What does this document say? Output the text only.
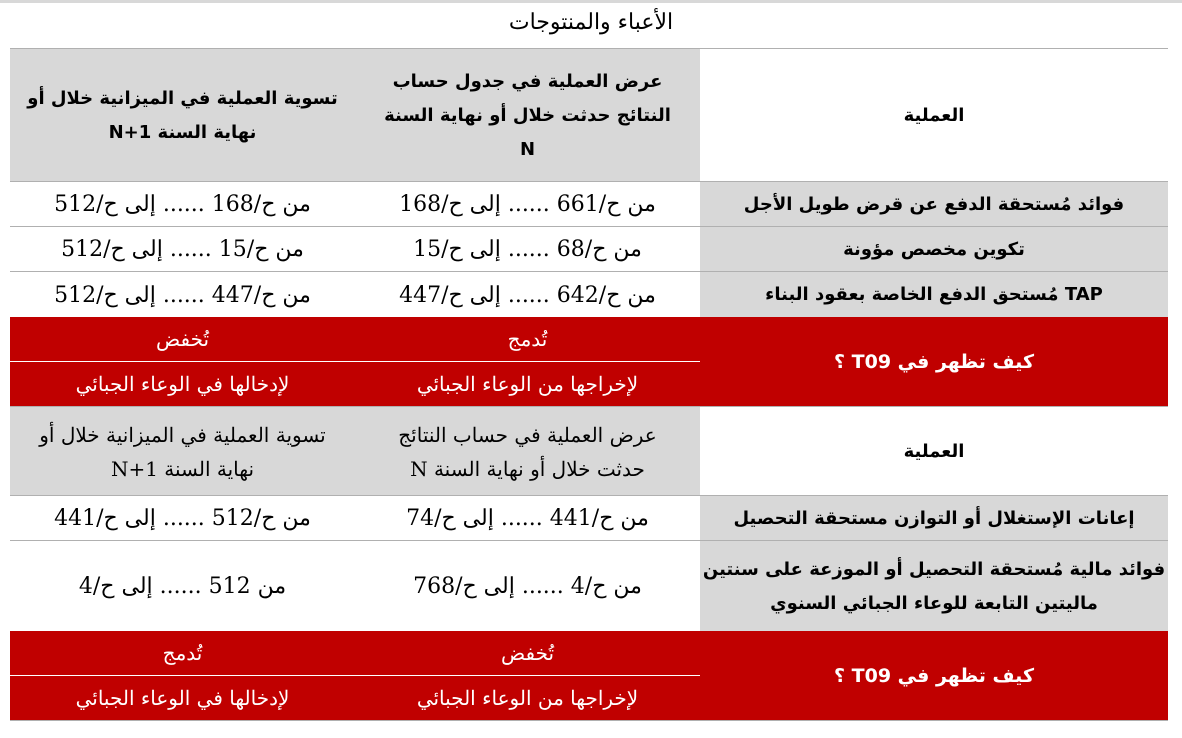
الأعباء والمنتوجات
العملية
عرض العملية في جدول حساب
النتائج حدثت خلال أو نهاية السنة
N
تسوية العملية في الميزانية خلال أو
نهاية السنة N+1
فوائد مُستحقة الدفع عن قرض طويل الأجل
من ح/661 ...... إلى ح/168
من ح/168 ...... إلى ح/512
تكوين مخصص مؤونة
من ح/68 ...... إلى ح/15
من ح/15 ...... إلى ح/512
TAP مُستحق الدفع الخاصة بعقود البناء
من ح/642 ...... إلى ح/447
من ح/447 ...... إلى ح/512
كيف تظهر في T09 ؟
تُدمج
تُخفض
لإخراجها من الوعاء الجبائي
لإدخالها في الوعاء الجبائي
العملية
عرض العملية في حساب النتائج
حدثت خلال أو نهاية السنة N
تسوية العملية في الميزانية خلال أو
نهاية السنة N+1
إعانات الإستغلال أو التوازن مستحقة التحصيل
من ح/441 ...... إلى ح/74
من ح/512 ...... إلى ح/441
فوائد مالية مُستحقة التحصيل أو الموزعة على سنتين
ماليتين التابعة للوعاء الجبائي السنوي
من ح/4 ...... إلى ح/768
من 512 ...... إلى ح/4
كيف تظهر في T09 ؟
تُخفض
تُدمج
لإخراجها من الوعاء الجبائي
لإدخالها في الوعاء الجبائي
